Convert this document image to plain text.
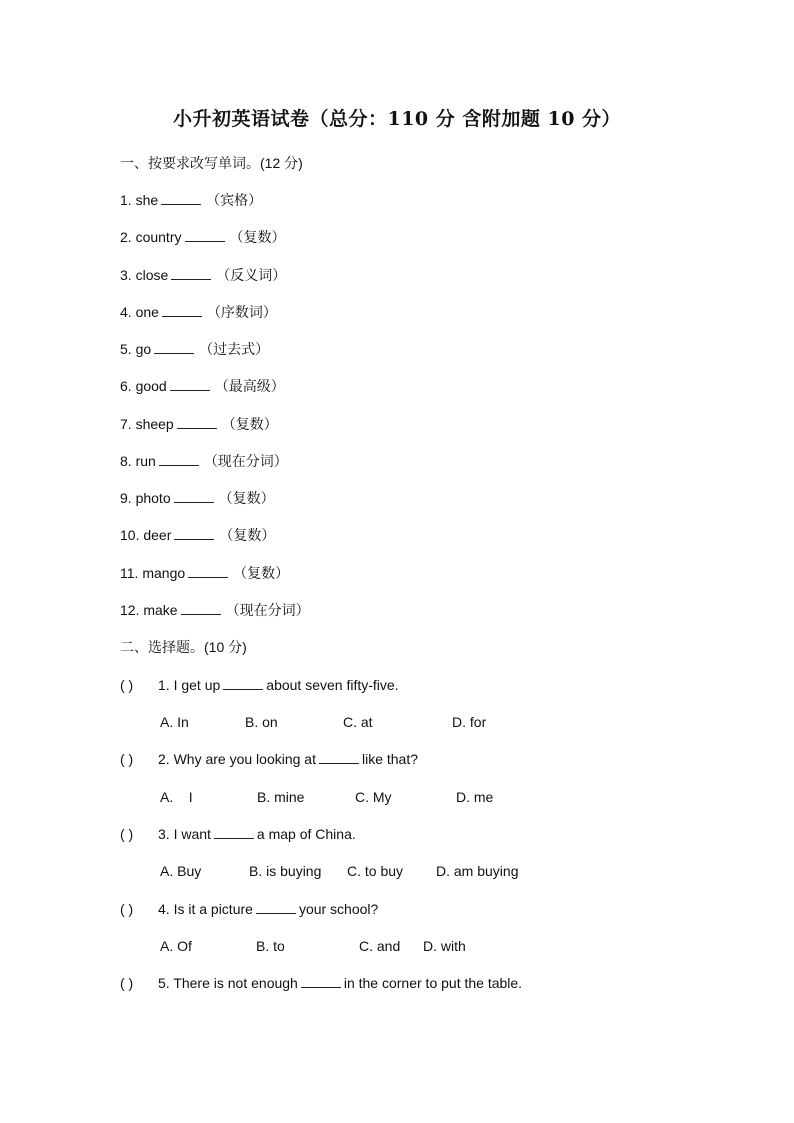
小升初英语试卷（总分：110 分 含附加题 10 分）
一、按要求改写单词。(12 分)
1. she	（宾格）
2. country	（复数）
3. close	（反义词）
4. one	（序数词）
5. go	（过去式）
6. good	（最高级）
7. sheep	（复数）
8. run	（现在分词）
9. photo	（复数）
10. deer	（复数）
11. mango	（复数）
12. make	（现在分词）
二、选择题。(10 分)
( ) 1. I get up	about seven fifty-five.
A. In	B. on	C. at	D. for
( ) 2. Why are you looking at	like that?
A.    I	B. mine	C. My	D. me
( ) 3. I want	a map of China.
A. Buy	B. is buying C. to buy D. am buying
( ) 4. Is it a picture	your school?
A. Of	B. to	C. and D. with
( ) 5. There is not enough	in the corner to put the table.
